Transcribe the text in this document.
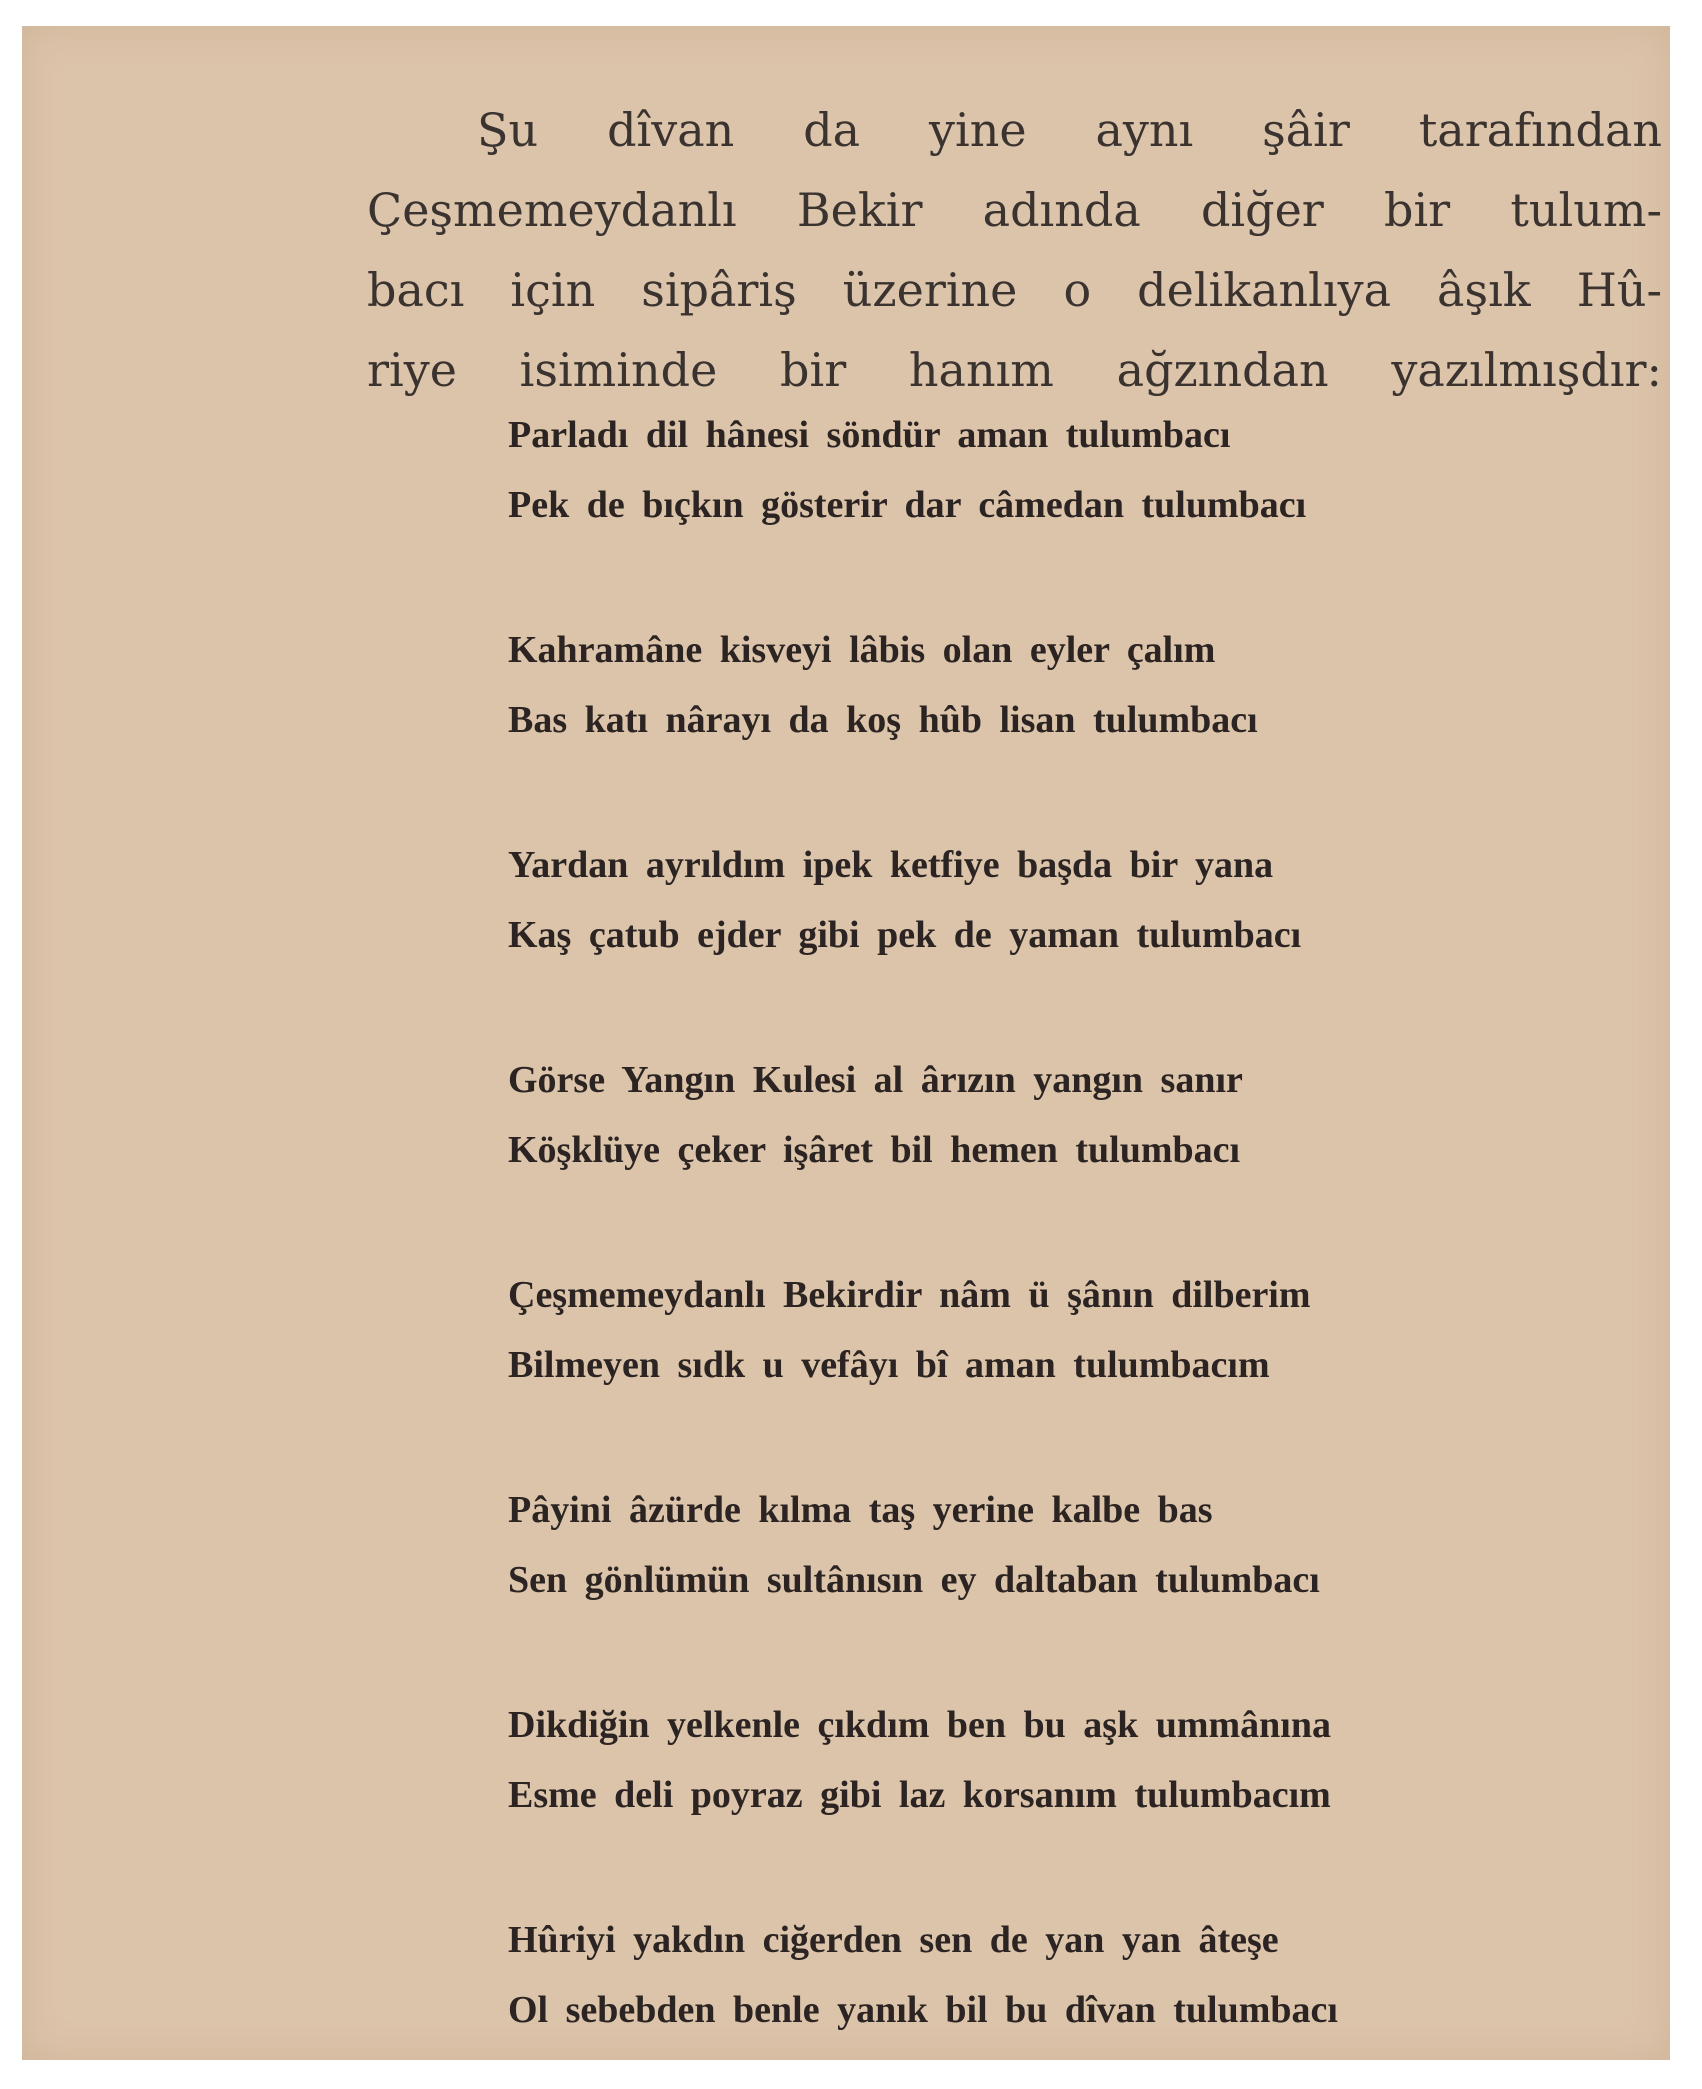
Şu dîvan da yine aynı şâir tarafından
Çeşmemeydanlı Bekir adında diğer bir tulum-
bacı için sipâriş üzerine o delikanlıya âşık Hû-
riye isiminde bir hanım ağzından yazılmışdır:

Parladı dil hânesi söndür aman tulumbacı
Pek de bıçkın gösterir dar câmedan tulumbacı
Kahramâne kisveyi lâbis olan eyler çalım
Bas katı nârayı da koş hûb lisan tulumbacı
Yardan ayrıldım ipek ketfiye başda bir yana
Kaş çatub ejder gibi pek de yaman tulumbacı
Görse Yangın Kulesi al ârızın yangın sanır
Köşklüye çeker işâret bil hemen tulumbacı
Çeşmemeydanlı Bekirdir nâm ü şânın dilberim
Bilmeyen sıdk u vefâyı bî aman tulumbacım
Pâyini âzürde kılma taş yerine kalbe bas
Sen gönlümün sultânısın ey daltaban tulumbacı
Dikdiğin yelkenle çıkdım ben bu aşk ummânına
Esme deli poyraz gibi laz korsanım tulumbacım
Hûriyi yakdın ciğerden sen de yan yan âteşe
Ol sebebden benle yanık bil bu dîvan tulumbacı
